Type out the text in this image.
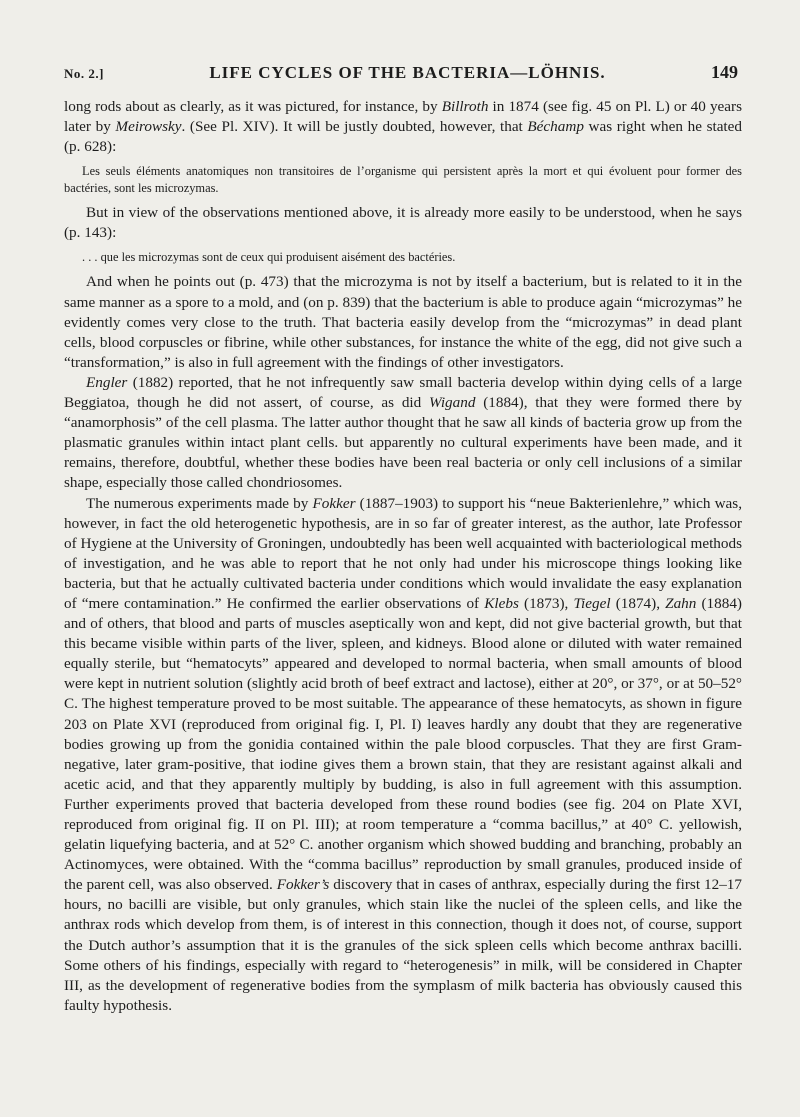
No. 2.]	LIFE CYCLES OF THE BACTERIA—LÖHNIS.	149

long rods about as clearly, as it was pictured, for instance, by Billroth in 1874 (see fig. 45 on Pl. L) or 40 years later by Meirowsky. (See Pl. XIV). It will be justly doubted, however, that Béchamp was right when he stated (p. 628):

Les seuls éléments anatomiques non transitoires de l’organisme qui persistent après la mort et qui évoluent pour former des bactéries, sont les microzymas.

But in view of the observations mentioned above, it is already more easily to be understood, when he says (p. 143):

. . . que les microzymas sont de ceux qui produisent aisément des bactéries.

And when he points out (p. 473) that the microzyma is not by itself a bacterium, but is related to it in the same manner as a spore to a mold, and (on p. 839) that the bacterium is able to produce again “microzymas” he evidently comes very close to the truth. That bacteria easily develop from the “microzymas” in dead plant cells, blood corpuscles or fibrine, while other substances, for instance the white of the egg, did not give such a “transformation,” is also in full agreement with the findings of other investigators.

Engler (1882) reported, that he not infrequently saw small bacteria develop within dying cells of a large Beggiatoa, though he did not assert, of course, as did Wigand (1884), that they were formed there by “anamorphosis” of the cell plasma. The latter author thought that he saw all kinds of bacteria grow up from the plasmatic granules within intact plant cells. but apparently no cultural experiments have been made, and it remains, therefore, doubtful, whether these bodies have been real bacteria or only cell inclusions of a similar shape, especially those called chondriosomes.

The numerous experiments made by Fokker (1887–1903) to support his “neue Bakterienlehre,” which was, however, in fact the old heterogenetic hypothesis, are in so far of greater interest, as the author, late Professor of Hygiene at the University of Groningen, undoubtedly has been well acquainted with bacteriological methods of investigation, and he was able to report that he not only had under his microscope things looking like bacteria, but that he actually cultivated bacteria under conditions which would invalidate the easy explanation of “mere contamination.” He confirmed the earlier observations of Klebs (1873), Tiegel (1874), Zahn (1884) and of others, that blood and parts of muscles aseptically won and kept, did not give bacterial growth, but that this became visible within parts of the liver, spleen, and kidneys. Blood alone or diluted with water remained equally sterile, but “hematocyts” appeared and developed to normal bacteria, when small amounts of blood were kept in nutrient solution (slightly acid broth of beef extract and lactose), either at 20°, or 37°, or at 50–52° C. The highest temperature proved to be most suitable. The appearance of these hematocyts, as shown in figure 203 on Plate XVI (reproduced from original fig. I, Pl. I) leaves hardly any doubt that they are regenerative bodies growing up from the gonidia contained within the pale blood corpuscles. That they are first Gram-negative, later gram-positive, that iodine gives them a brown stain, that they are resistant against alkali and acetic acid, and that they apparently multiply by budding, is also in full agreement with this assumption. Further experiments proved that bacteria developed from these round bodies (see fig. 204 on Plate XVI, reproduced from original fig. II on Pl. III); at room temperature a “comma bacillus,” at 40° C. yellowish, gelatin liquefying bacteria, and at 52° C. another organism which showed budding and branching, probably an Actinomyces, were obtained. With the “comma bacillus” reproduction by small granules, produced inside of the parent cell, was also observed. Fokker’s discovery that in cases of anthrax, especially during the first 12–17 hours, no bacilli are visible, but only granules, which stain like the nuclei of the spleen cells, and like the anthrax rods which develop from them, is of interest in this connection, though it does not, of course, support the Dutch author’s assumption that it is the granules of the sick spleen cells which become anthrax bacilli. Some others of his findings, especially with regard to “heterogenesis” in milk, will be considered in Chapter III, as the development of regenerative bodies from the symplasm of milk bacteria has obviously caused this faulty hypothesis.
